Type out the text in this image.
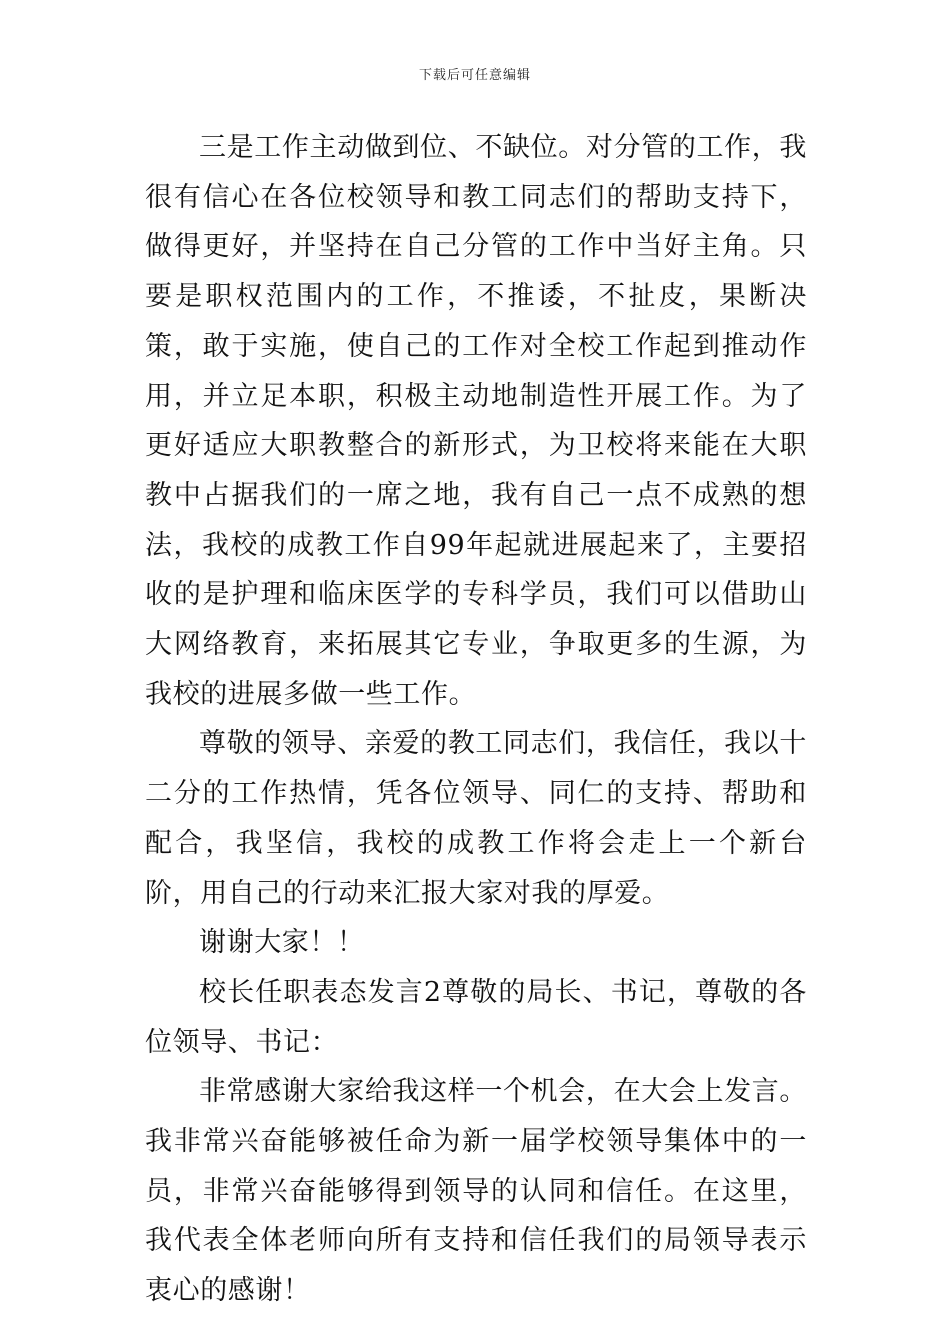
下载后可任意编辑

三是工作主动做到位、不缺位。对分管的工作，我很有信心在各位校领导和教工同志们的帮助支持下，做得更好，并坚持在自己分管的工作中当好主角。只要是职权范围内的工作，不推诿，不扯皮，果断决策，敢于实施，使自己的工作对全校工作起到推动作用，并立足本职，积极主动地制造性开展工作。为了更好适应大职教整合的新形式，为卫校将来能在大职教中占据我们的一席之地，我有自己一点不成熟的想法，我校的成教工作自99年起就进展起来了，主要招收的是护理和临床医学的专科学员，我们可以借助山大网络教育，来拓展其它专业，争取更多的生源，为我校的进展多做一些工作。

尊敬的领导、亲爱的教工同志们，我信任，我以十二分的工作热情，凭各位领导、同仁的支持、帮助和配合，我坚信，我校的成教工作将会走上一个新台阶，用自己的行动来汇报大家对我的厚爱。

谢谢大家！！

校长任职表态发言2尊敬的局长、书记，尊敬的各位领导、书记：

非常感谢大家给我这样一个机会，在大会上发言。我非常兴奋能够被任命为新一届学校领导集体中的一员，非常兴奋能够得到领导的认同和信任。在这里，我代表全体老师向所有支持和信任我们的局领导表示衷心的感谢！
